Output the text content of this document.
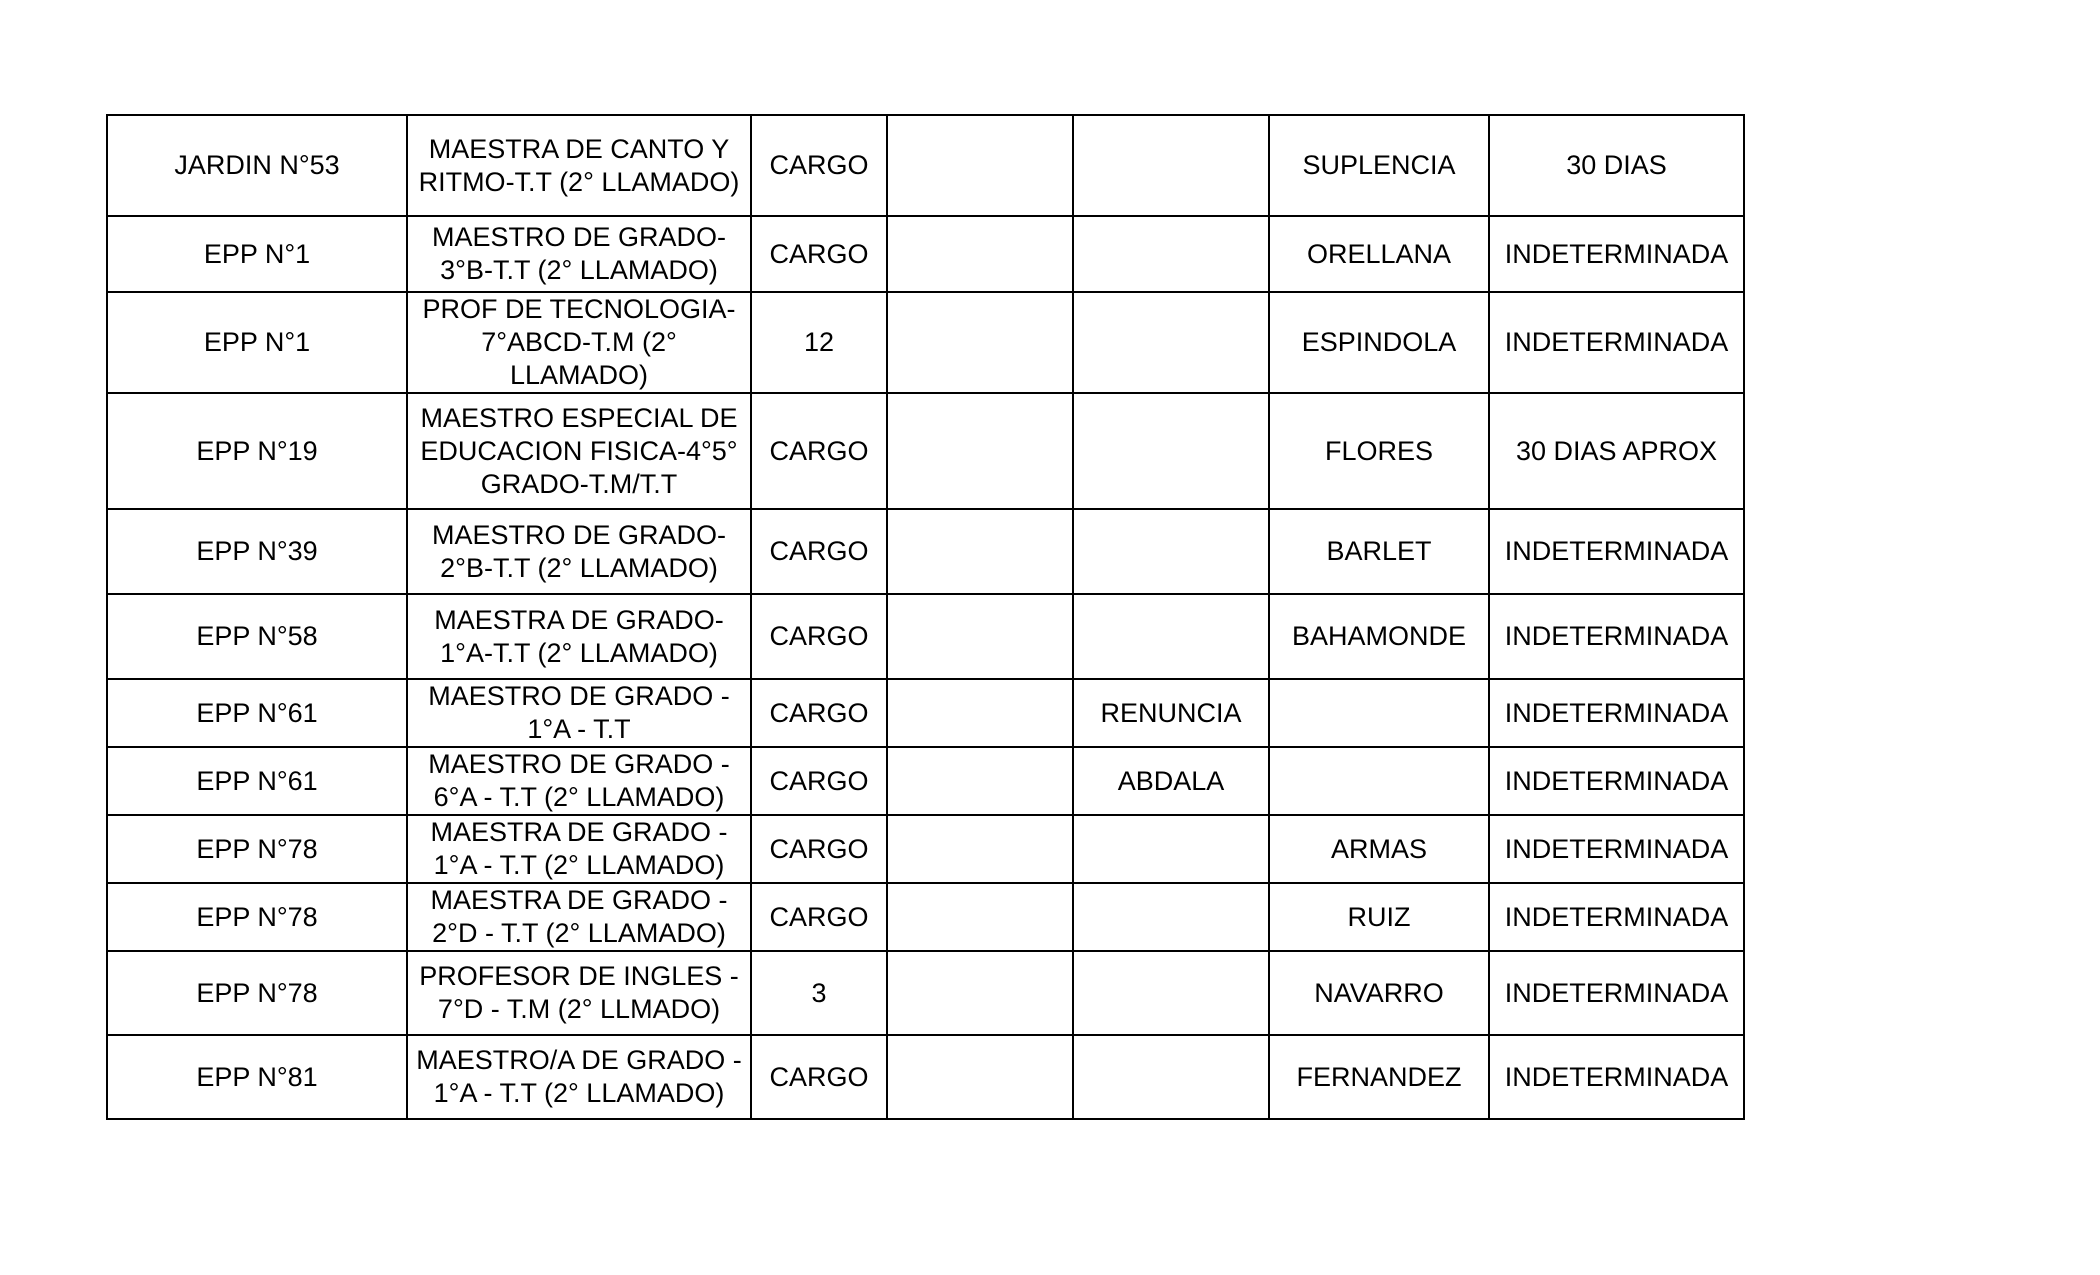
JARDIN N°53	MAESTRA DE CANTO Y RITMO-T.T (2° LLAMADO)	CARGO			SUPLENCIA	30 DIAS
EPP N°1	MAESTRO DE GRADO- 3°B-T.T (2° LLAMADO)	CARGO			ORELLANA	INDETERMINADA
EPP N°1	PROF DE TECNOLOGIA- 7°ABCD-T.M (2° LLAMADO)	12			ESPINDOLA	INDETERMINADA
EPP N°19	MAESTRO ESPECIAL DE EDUCACION FISICA-4°5° GRADO-T.M/T.T	CARGO			FLORES	30 DIAS APROX
EPP N°39	MAESTRO DE GRADO- 2°B-T.T (2° LLAMADO)	CARGO			BARLET	INDETERMINADA
EPP N°58	MAESTRA DE GRADO- 1°A-T.T (2° LLAMADO)	CARGO			BAHAMONDE	INDETERMINADA
EPP N°61	MAESTRO DE GRADO - 1°A - T.T	CARGO		RENUNCIA		INDETERMINADA
EPP N°61	MAESTRO DE GRADO - 6°A - T.T (2° LLAMADO)	CARGO		ABDALA		INDETERMINADA
EPP N°78	MAESTRA DE GRADO - 1°A - T.T (2° LLAMADO)	CARGO			ARMAS	INDETERMINADA
EPP N°78	MAESTRA DE GRADO - 2°D - T.T (2° LLAMADO)	CARGO			RUIZ	INDETERMINADA
EPP N°78	PROFESOR DE INGLES - 7°D - T.M (2° LLMADO)	3			NAVARRO	INDETERMINADA
EPP N°81	MAESTRO/A DE GRADO - 1°A - T.T (2° LLAMADO)	CARGO			FERNANDEZ	INDETERMINADA
